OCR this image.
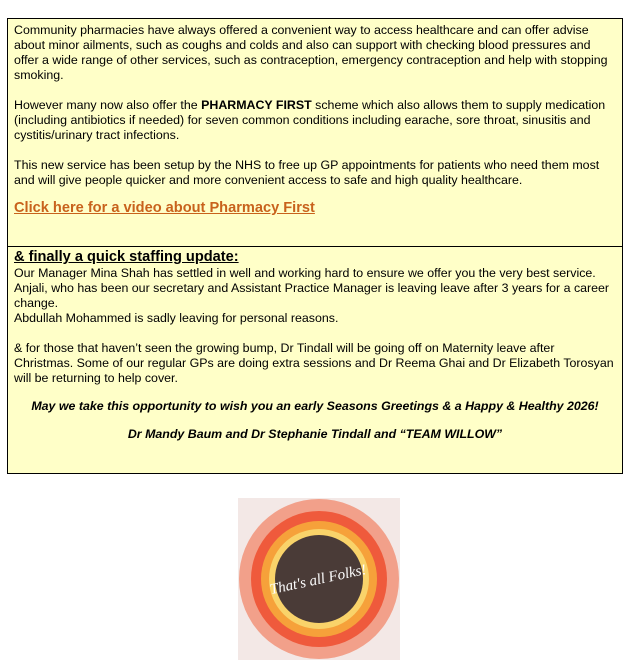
Community pharmacies have always offered a convenient way to access healthcare and can offer advise about minor ailments, such as coughs and colds and also can support with checking blood pressures and offer a wide range of other services, such as contraception, emergency contraception and help with stopping smoking.

However many now also offer the PHARMACY FIRST scheme which also allows them to supply medication (including antibiotics if needed) for seven common conditions including earache, sore throat, sinusitis and cystitis/urinary tract infections.

This new service has been setup by the NHS to free up GP appointments for patients who need them most and will give people quicker and more convenient access to safe and high quality healthcare.

Click here for a video about Pharmacy First

& finally a quick staffing update:

Our Manager Mina Shah has settled in well and working hard to ensure we offer you the very best service.

Anjali, who has been our secretary and Assistant Practice Manager is leaving leave after 3 years for a career change.

Abdullah Mohammed is sadly leaving for personal reasons.

& for those that haven’t seen the growing bump, Dr Tindall will be going off on Maternity leave after Christmas. Some of our regular GPs are doing extra sessions and Dr Reema Ghai and Dr Elizabeth Torosyan will be returning to help cover.

May we take this opportunity to wish you an early Seasons Greetings & a Happy & Healthy 2026!

Dr Mandy Baum and Dr Stephanie Tindall and “TEAM WILLOW”

That's all Folks!
